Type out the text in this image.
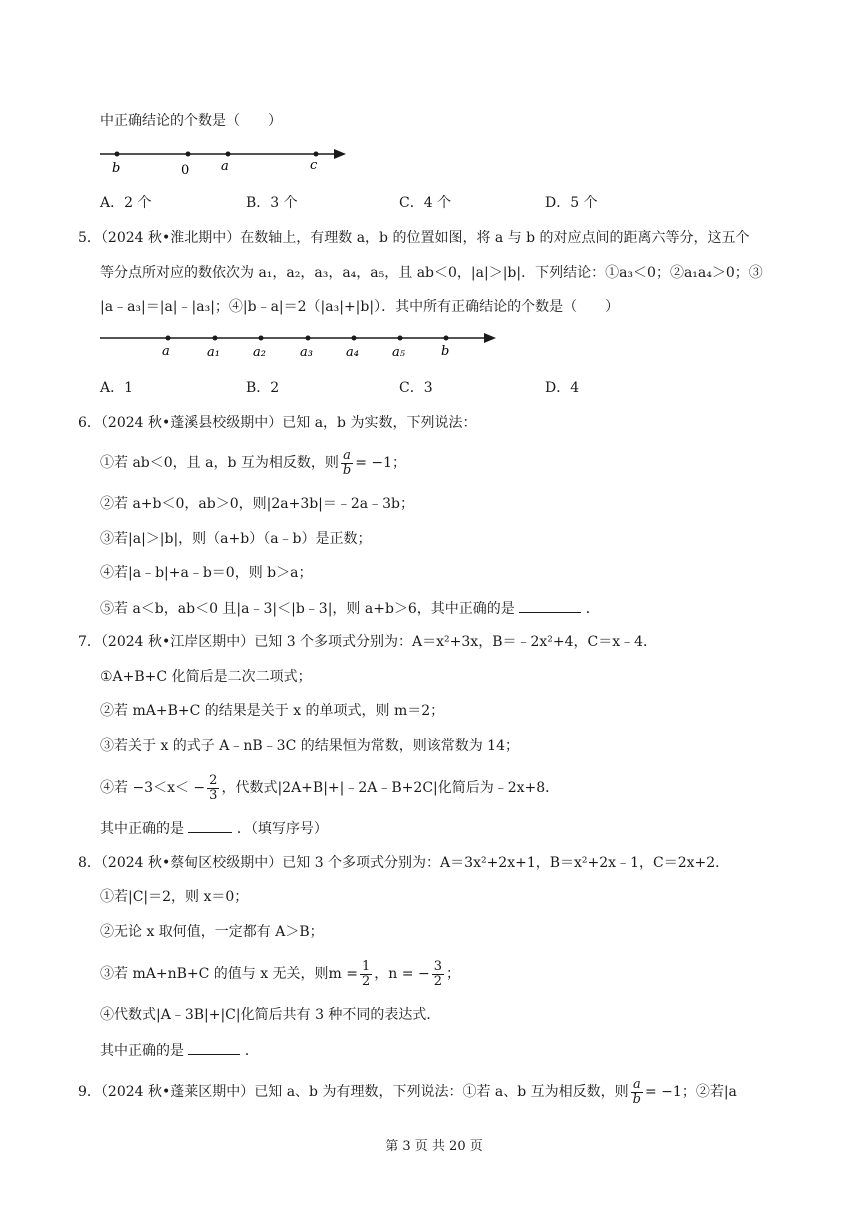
中正确结论的个数是（　　）
b	0 a	c
A．2 个	B．3 个	C．4 个	D．5 个
5．（2024 秋•淮北期中）在数轴上，有理数 a，b 的位置如图，将 a 与 b 的对应点间的距离六等分，这五个
等分点所对应的数依次为 a₁，a₂，a₃，a₄，a₅，且 ab＜0，|a|＞|b|．下列结论：①a₃＜0；②a₁a₄＞0；③
|a﹣a₃|＝|a|﹣|a₃|；④|b﹣a|＝2（|a₃|+|b|）．其中所有正确结论的个数是（　　）
a	a₁	a₂	a₃	a₄	a₅	b
A．1	B．2	C．3	D．4
6．（2024 秋•蓬溪县校级期中）已知 a，b 为实数，下列说法：
①若 ab＜0，且 a，b 互为相反数，则 $\frac{a}{b} = -1$；
②若 a+b＜0，ab＞0，则|2a+3b|＝﹣2a﹣3b；
③若|a|＞|b|，则（a+b）（a﹣b）是正数；
④若|a﹣b|+a﹣b＝0，则 b＞a；
⑤若 a＜b，ab＜0 且|a﹣3|＜|b﹣3|，则 a+b＞6，其中正确的是	．
7．（2024 秋•江岸区期中）已知 3 个多项式分别为：A＝x²+3x，B＝﹣2x²+4，C＝x﹣4．
①A+B+C 化简后是二次二项式；
②若 mA+B+C 的结果是关于 x 的单项式，则 m＝2；
③若关于 x 的式子 A﹣nB﹣3C 的结果恒为常数，则该常数为 14；
④若 $-3<x< - \frac{2}{3}$ ，代数式|2A+B|+|﹣2A﹣B+2C|化简后为﹣2x+8．
其中正确的是	．（填写序号）
8．（2024 秋•蔡甸区校级期中）已知 3 个多项式分别为：A＝3x²+2x+1，B＝x²+2x﹣1，C＝2x+2．
①若|C|＝2，则 x＝0；
②无论 x 取何值，一定都有 A＞B；
③若 mA+nB+C 的值与 x 无关，则$m = \frac{1}{2}$ ，n = − $\frac{3}{2}$ ；
④代数式|A﹣3B|+|C|化简后共有 3 种不同的表达式．
其中正确的是	．
9．（2024 秋•蓬莱区期中）已知 a、b 为有理数，下列说法：①若 a、b 互为相反数，则 $\frac{a}{b} = -1$；②若|a
第 3 页 共 20 页
